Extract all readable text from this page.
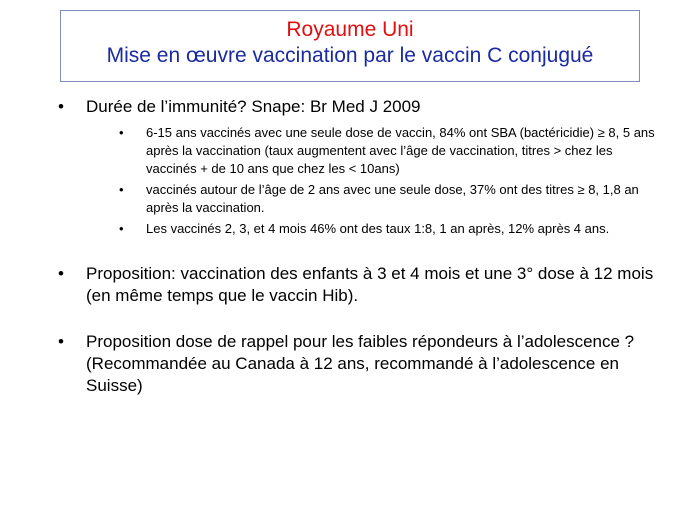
Royaume Uni
Mise en œuvre vaccination par le vaccin C conjugué
• Durée de l’immunité? Snape: Br Med J 2009
• 6-15 ans vaccinés avec une seule dose de vaccin, 84% ont SBA (bactéricidie) ≥ 8, 5 ans après la vaccination (taux augmentent avec l’âge de vaccination, titres > chez les vaccinés + de 10 ans que chez les < 10ans)
• vaccinés autour de l’âge de 2 ans avec une seule dose, 37% ont des titres ≥ 8, 1,8 an après la vaccination.
• Les vaccinés 2, 3, et 4 mois 46% ont des taux 1:8, 1 an après, 12% après 4 ans.
• Proposition: vaccination des enfants à 3 et 4 mois et une 3° dose à 12 mois (en même temps que le vaccin Hib).
• Proposition dose de rappel pour les faibles répondeurs à l’adolescence ? (Recommandée au Canada à 12 ans, recommandé à l’adolescence en Suisse)
